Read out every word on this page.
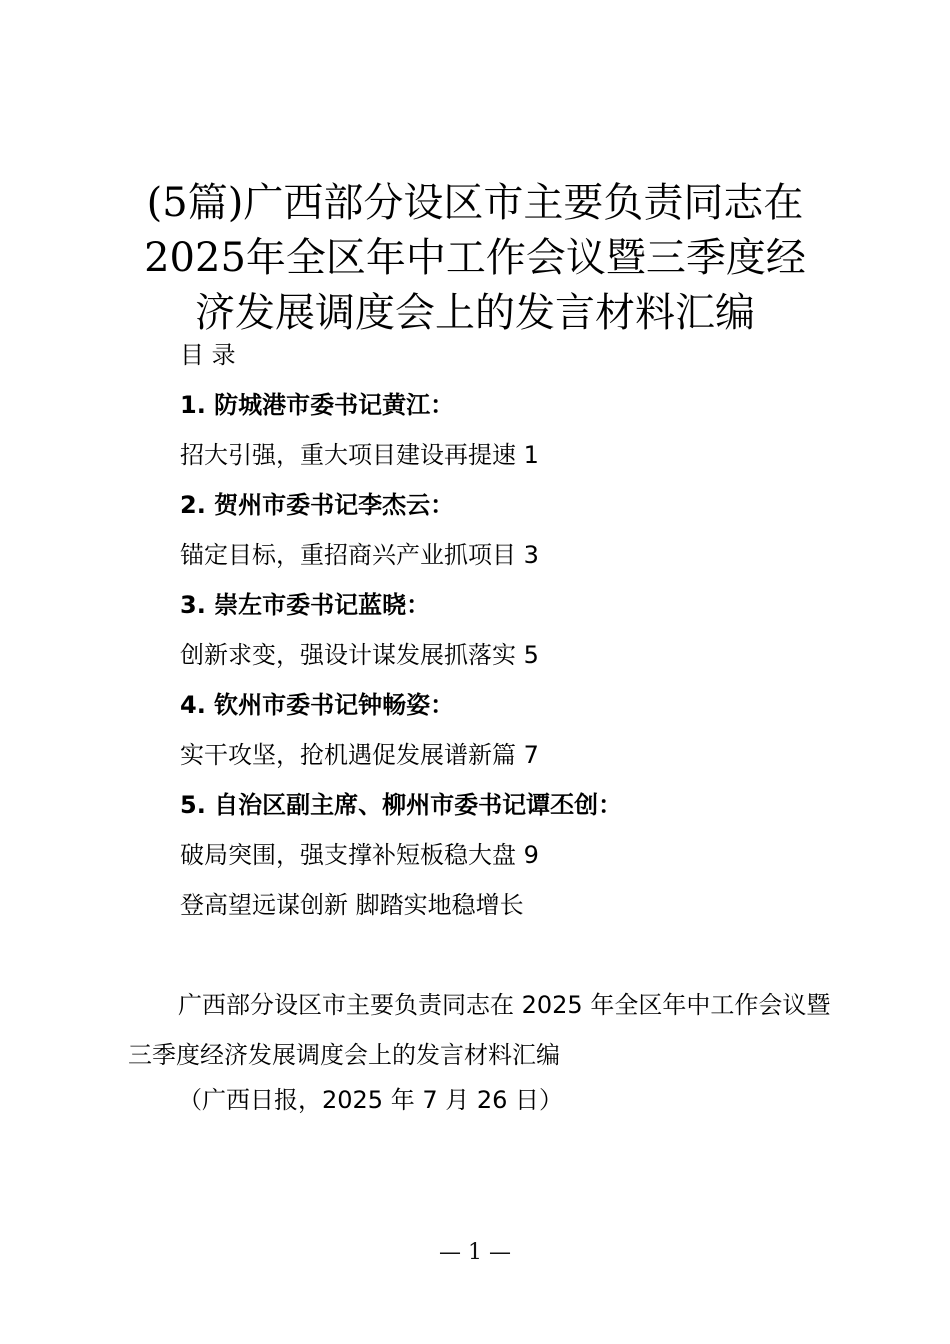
(5篇)广西部分设区市主要负责同志在
2025年全区年中工作会议暨三季度经
济发展调度会上的发言材料汇编
目 录
1. 防城港市委书记黄江：
招大引强，重大项目建设再提速 1
2. 贺州市委书记李杰云：
锚定目标，重招商兴产业抓项目 3
3. 崇左市委书记蓝晓：
创新求变，强设计谋发展抓落实 5
4. 钦州市委书记钟畅姿：
实干攻坚，抢机遇促发展谱新篇 7
5. 自治区副主席、柳州市委书记谭丕创：
破局突围，强支撑补短板稳大盘 9
登高望远谋创新 脚踏实地稳增长

广西部分设区市主要负责同志在 2025 年全区年中工作会议暨三季度经济发展调度会上的发言材料汇编

（广西日报，2025 年 7 月 26 日）
— 1 —
